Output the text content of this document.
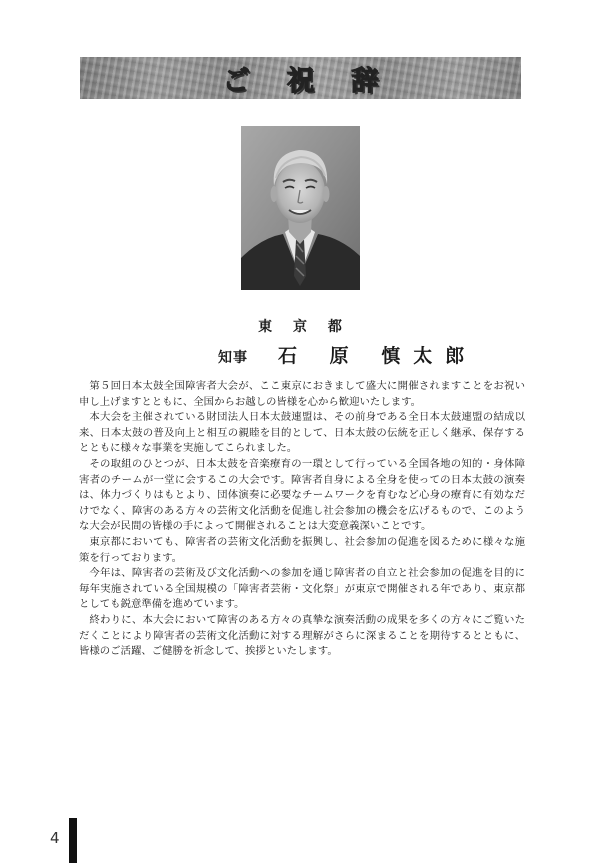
ご 祝 辞
東 京 都
知事 石 原 慎太郎

第５回日本太鼓全国障害者大会が、ここ東京におきまして盛大に開催されますことをお祝い申し上げますとともに、全国からお越しの皆様を心から歓迎いたします。

本大会を主催されている財団法人日本太鼓連盟は、その前身である全日本太鼓連盟の結成以来、日本太鼓の普及向上と相互の親睦を目的として、日本太鼓の伝統を正しく継承、保存するとともに様々な事業を実施してこられました。

その取組のひとつが、日本太鼓を音楽療育の一環として行っている全国各地の知的・身体障害者のチームが一堂に会するこの大会です。障害者自身による全身を使っての日本太鼓の演奏は、体力づくりはもとより、団体演奏に必要なチームワークを育むなど心身の療育に有効なだけでなく、障害のある方々の芸術文化活動を促進し社会参加の機会を広げるもので、このような大会が民間の皆様の手によって開催されることは大変意義深いことです。

東京都においても、障害者の芸術文化活動を振興し、社会参加の促進を図るために様々な施策を行っております。

今年は、障害者の芸術及び文化活動への参加を通じ障害者の自立と社会参加の促進を目的に毎年実施されている全国規模の「障害者芸術・文化祭」が東京で開催される年であり、東京都としても鋭意準備を進めています。

終わりに、本大会において障害のある方々の真摯な演奏活動の成果を多くの方々にご覧いただくことにより障害者の芸術文化活動に対する理解がさらに深まることを期待するとともに、皆様のご活躍、ご健勝を祈念して、挨拶といたします。

4
